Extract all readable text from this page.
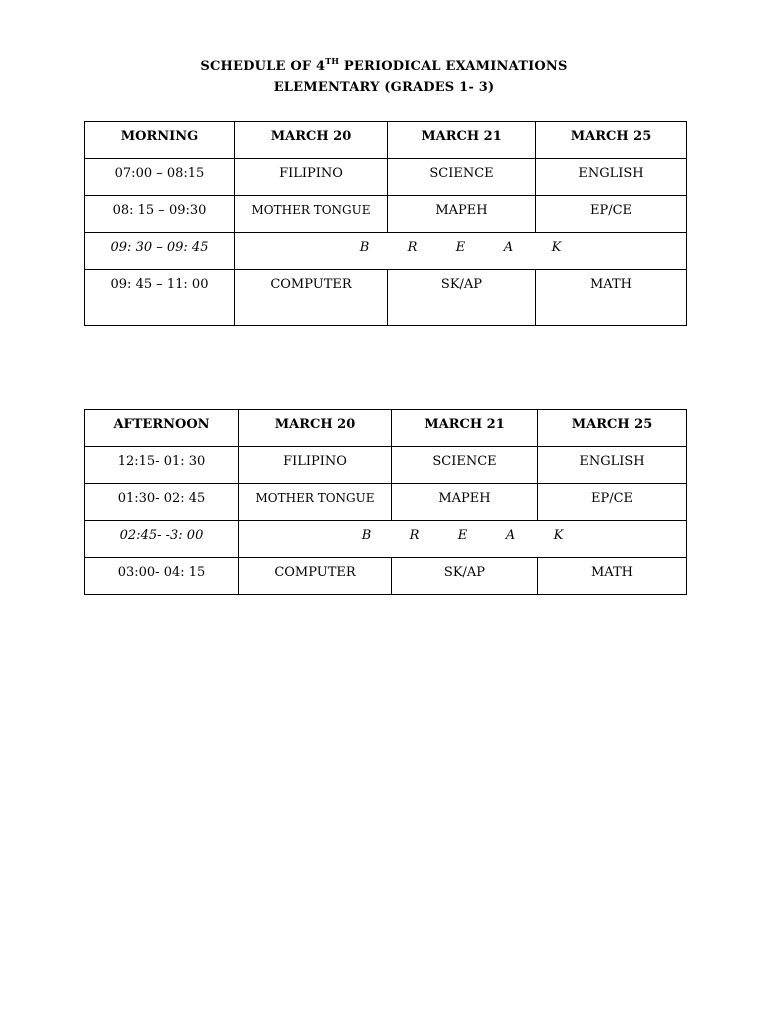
SCHEDULE OF 4TH PERIODICAL EXAMINATIONS
ELEMENTARY (GRADES 1- 3)
MORNING	MARCH 20	MARCH 21	MARCH 25
07:00 – 08:15	FILIPINO	SCIENCE	ENGLISH
08: 15 – 09:30	MOTHER TONGUE	MAPEH	EP/CE
09: 30 – 09: 45	B R E A K		
09: 45 – 11: 00	COMPUTER	SK/AP	MATH
AFTERNOON	MARCH 20	MARCH 21	MARCH 25
12:15- 01: 30	FILIPINO	SCIENCE	ENGLISH
01:30- 02: 45	MOTHER TONGUE	MAPEH	EP/CE
02:45- -3: 00	B R E A K		
03:00- 04: 15	COMPUTER	SK/AP	MATH
